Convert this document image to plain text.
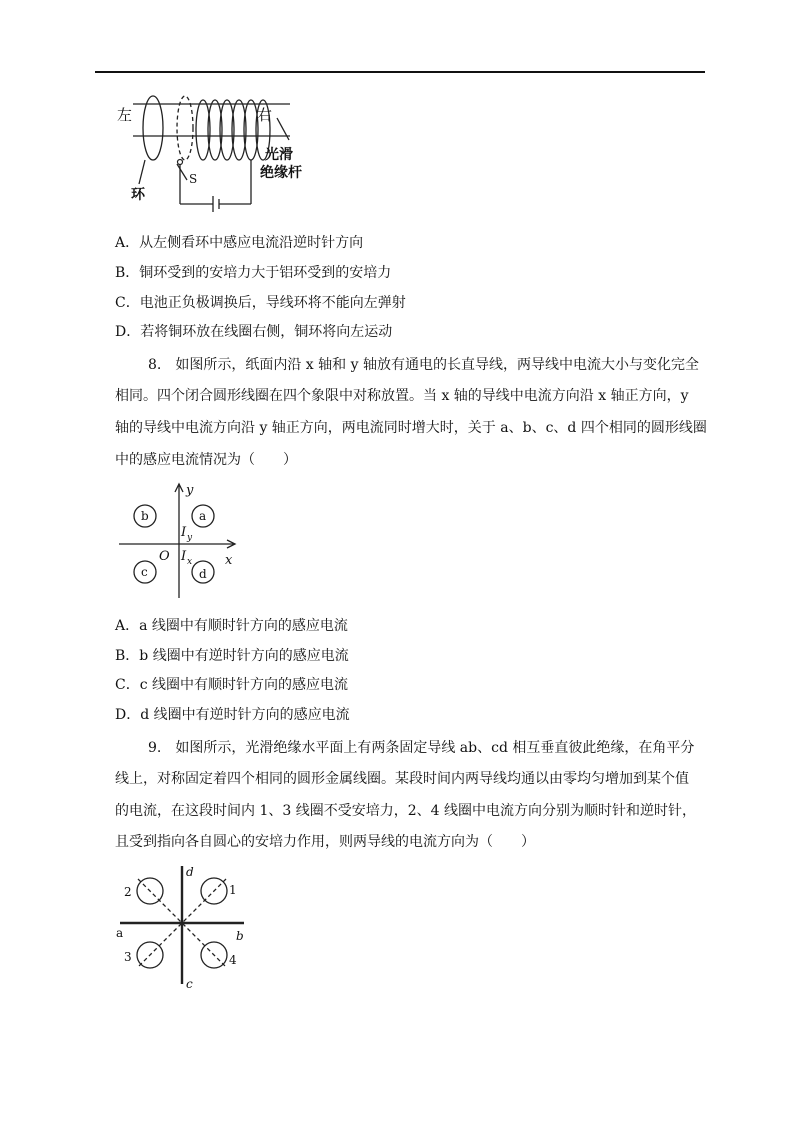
左	右
光滑
绝缘杆
环
S
A．从左侧看环中感应电流沿逆时针方向
B．铜环受到的安培力大于铝环受到的安培力
C．电池正负极调换后，导线环将不能向左弹射
D．若将铜环放在线圈右侧，铜环将向左运动
8.　如图所示，纸面内沿 x 轴和 y 轴放有通电的长直导线，两导线中电流大小与变化完全
相同。四个闭合圆形线圈在四个象限中对称放置。当 x 轴的导线中电流方向沿 x 轴正方向，y
轴的导线中电流方向沿 y 轴正方向，两电流同时增大时，关于 a、b、c、d 四个相同的圆形线圈
中的感应电流情况为（　　）
y
x
O
I y
I x
a
b
c	d
A．a 线圈中有顺时针方向的感应电流
B．b 线圈中有逆时针方向的感应电流
C．c 线圈中有顺时针方向的感应电流
D．d 线圈中有逆时针方向的感应电流
9.　如图所示，光滑绝缘水平面上有两条固定导线 ab、cd 相互垂直彼此绝缘，在角平分
线上，对称固定着四个相同的圆形金属线圈。某段时间内两导线均通以由零均匀增加到某个值
的电流，在这段时间内 1、3 线圈不受安培力，2、4 线圈中电流方向分别为顺时针和逆时针，
且受到指向各自圆心的安培力作用，则两导线的电流方向为（　　）
a	b
c
d
1
2
3	4
